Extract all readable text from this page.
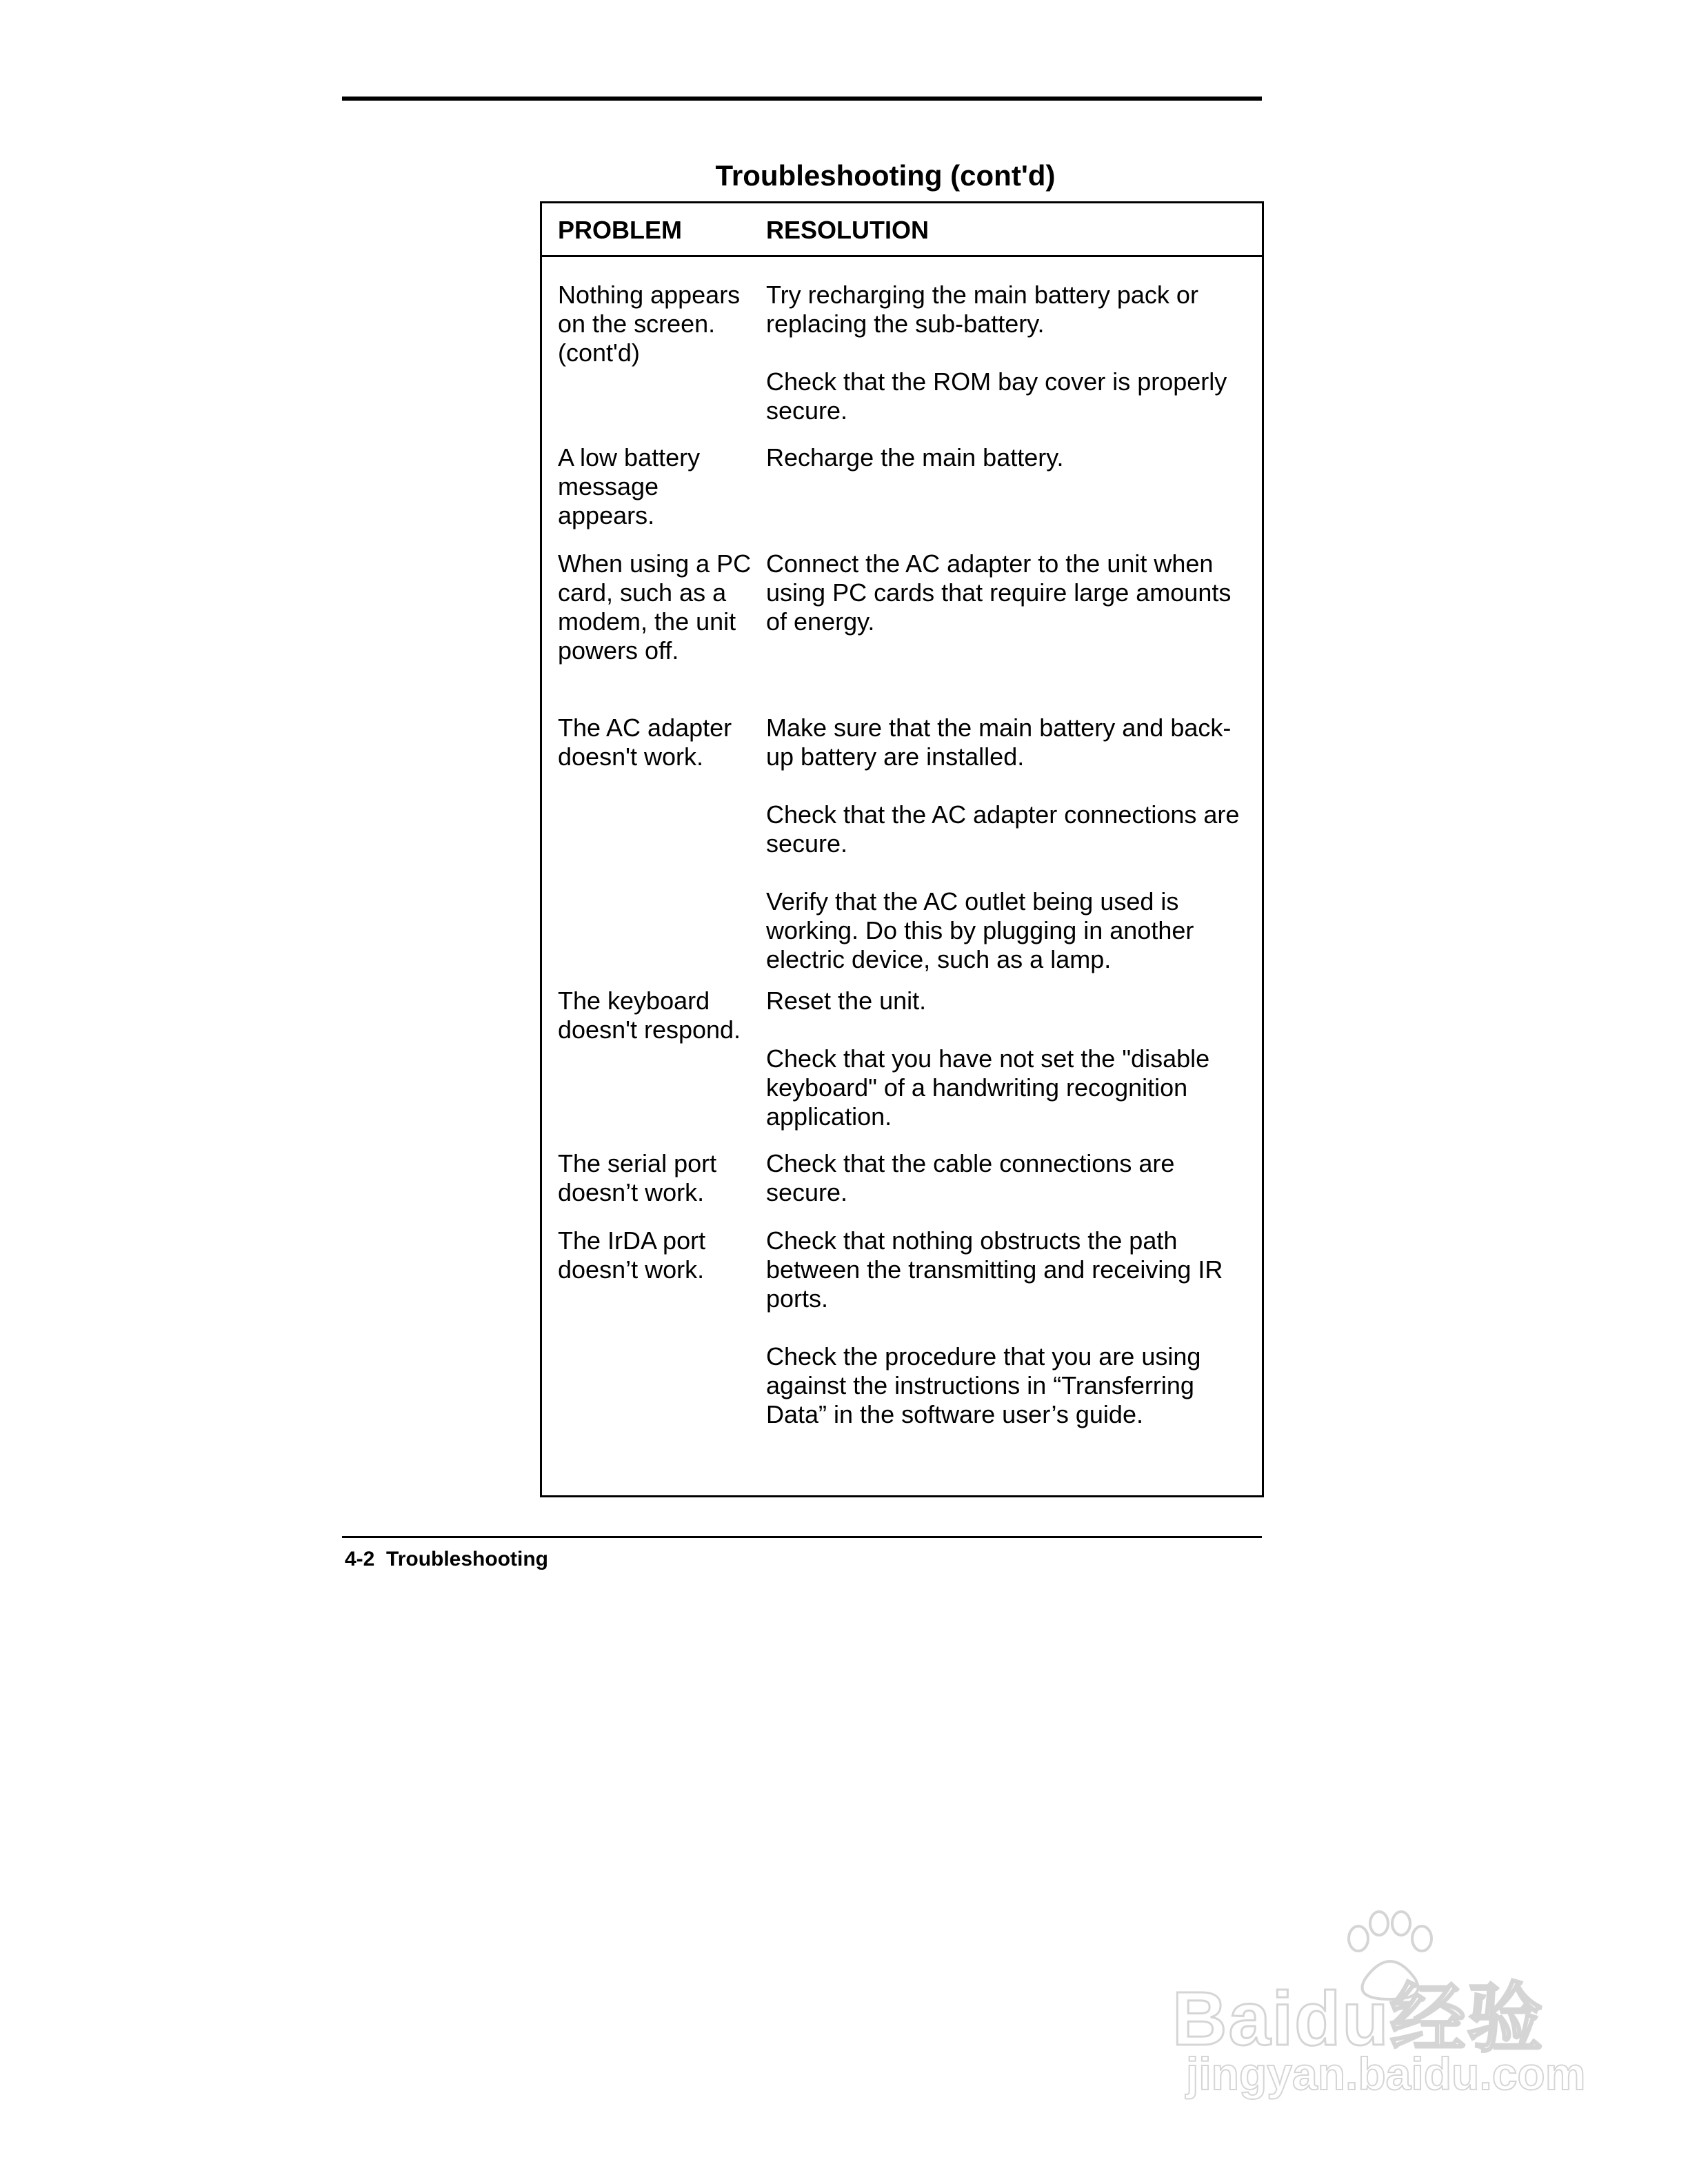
Troubleshooting (cont'd)
PROBLEM	RESOLUTION
Nothing appears on the screen. (cont'd)

Try recharging the main battery pack or replacing the sub-battery.

Check that the ROM bay cover is properly secure.

A low battery message appears.

Recharge the main battery.

When using a PC card, such as a modem, the unit powers off.

Connect the AC adapter to the unit when using PC cards that require large amounts of energy.

The AC adapter doesn't work.

Make sure that the main battery and back-up battery are installed.

Check that the AC adapter connections are secure.

Verify that the AC outlet being used is working. Do this by plugging in another electric device, such as a lamp.

The keyboard doesn't respond.

Reset the unit.

Check that you have not set the "disable keyboard" of a handwriting recognition application.

The serial port doesn’t work.

Check that the cable connections are secure.

The IrDA port doesn’t work.

Check that nothing obstructs the path between the transmitting and receiving IR ports.

Check the procedure that you are using against the instructions in “Transferring Data” in the software user’s guide.

4-2  Troubleshooting
Baidu经验
jingyan.baidu.com
